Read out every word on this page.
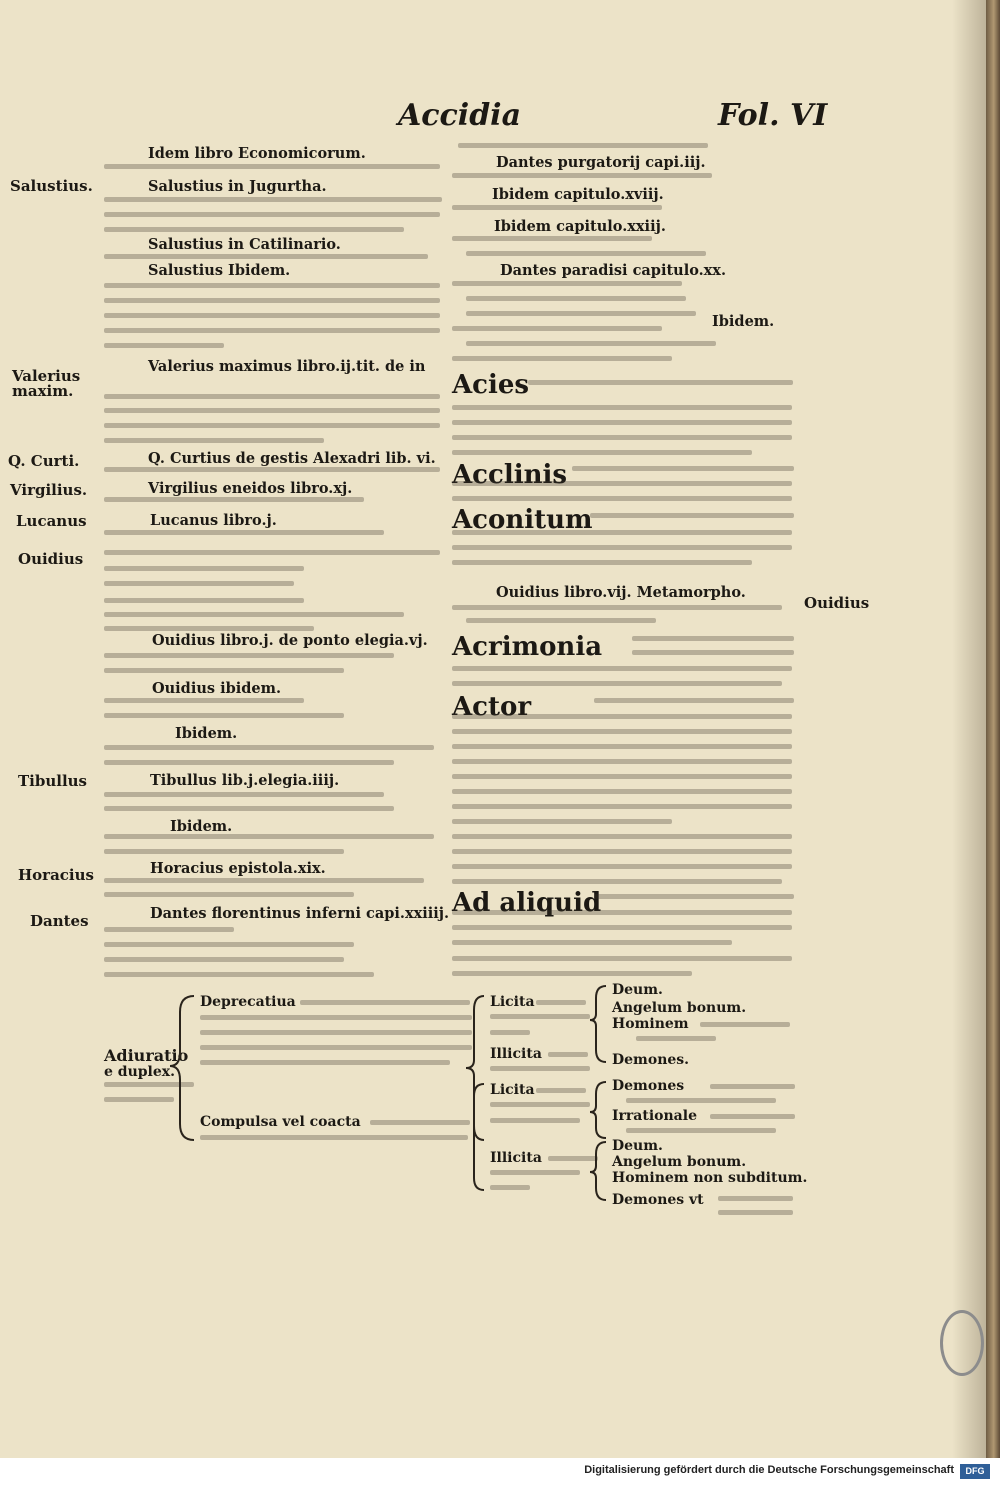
Accidia	Fol. VI
Idem libro Economicorum.
Salustius in Jugurtha.
Salustius in Catilinario.
Salustius Ibidem.
Valerius maximus libro.ij.tit. de in
Q. Curtius de gestis Alexadri lib. vi.
Virgilius eneidos libro.xj.
Lucanus libro.j.
Ouidius libro.j. de ponto elegia.vj.
Ouidius ibidem.
Ibidem.
Tibullus lib.j.elegia.iiij.
Ibidem.
Horacius epistola.xix.
Dantes florentinus inferni capi.xxiiij.
Salustius.
Valerius
maxim.
Q. Curti.
Virgilius.
Lucanus
Ouidius
Tibullus
Horacius
Dantes
Dantes purgatorij capi.iij.
Ibidem capitulo.xviij.
Ibidem capitulo.xxiij.
Dantes paradisi capitulo.xx.
Ibidem.
Ouidius libro.vij. Metamorpho.
Acies
Acclinis
Aconitum
Acrimonia
Actor
Ad aliquid
Ouidius
Adiuratio
e duplex.
Deprecatiua
Compulsa vel coacta
Licita
Illicita
Licita
Illicita
Deum.
Angelum bonum.
Hominem
Demones.
Demones
Irrationale
Deum.
Angelum bonum.
Hominem non subditum.
Demones vt
Digitalisierung gefördert durch die Deutsche Forschungsgemeinschaft	DFG
